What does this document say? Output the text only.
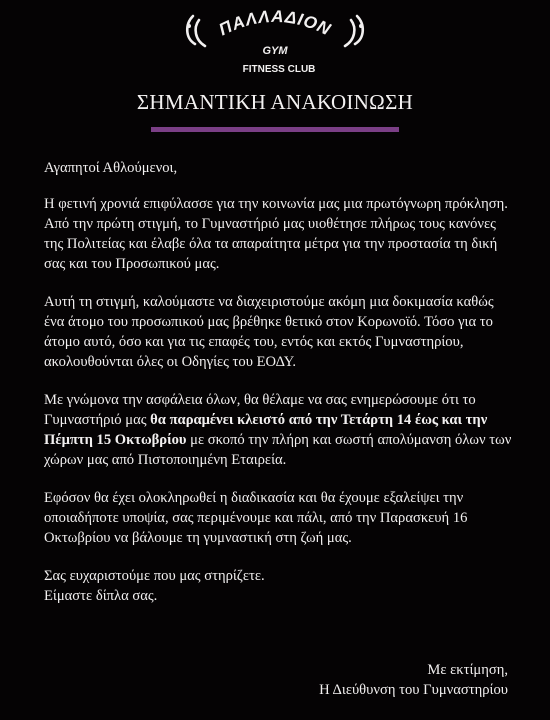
ΠΑΛΛΑΔΙΟΝ
GYM
FITNESS CLUB
ΣΗΜΑΝΤΙΚΗ ΑΝΑΚΟΙΝΩΣΗ

Αγαπητοί Αθλούμενοι,

Η φετινή χρονιά επιφύλασσε για την κοινωνία μας μια πρωτόγνωρη πρόκληση. Από την πρώτη στιγμή, το Γυμναστήριό μας υιοθέτησε πλήρως τους κανόνες της Πολιτείας και έλαβε όλα τα απαραίτητα μέτρα για την προστασία τη δική σας και του Προσωπικού μας.

Αυτή τη στιγμή, καλούμαστε να διαχειριστούμε ακόμη μια δοκιμασία καθώς ένα άτομο του προσωπικού μας βρέθηκε θετικό στον Κορωνοϊό. Τόσο για το άτομο αυτό, όσο και για τις επαφές του, εντός και εκτός Γυμναστηρίου, ακολουθούνται όλες οι Οδηγίες του ΕΟΔΥ.

Με γνώμονα την ασφάλεια όλων, θα θέλαμε να σας ενημερώσουμε ότι το Γυμναστήριό μας θα παραμένει κλειστό από την Τετάρτη 14 έως και την Πέμπτη 15 Οκτωβρίου με σκοπό την πλήρη και σωστή απολύμανση όλων των χώρων μας από Πιστοποιημένη Εταιρεία.

Εφόσον θα έχει ολοκληρωθεί η διαδικασία και θα έχουμε εξαλείψει την οποιαδήποτε υποψία, σας περιμένουμε και πάλι, από την Παρασκευή 16 Οκτωβρίου να βάλουμε τη γυμναστική στη ζωή μας.

Σας ευχαριστούμε που μας στηρίζετε.
Είμαστε δίπλα σας.

Με εκτίμηση,
Η Διεύθυνση του Γυμναστηρίου
